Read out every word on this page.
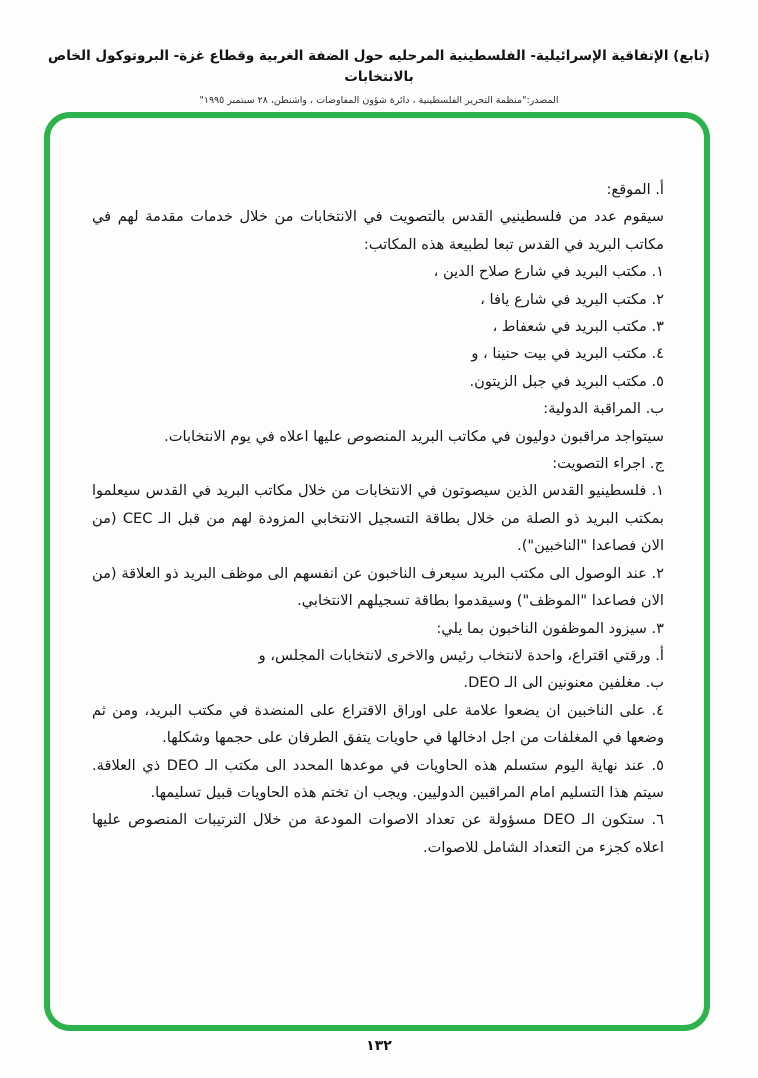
(تابع) الإتفاقية الإسرائيلية- الفلسطينية المرحليه حول الضفة الغربية وقطاع غزة- البروتوكول الخاص بالانتخابات
المصدر:"منظمة التحرير الفلسطينية ، دائرة شؤون المفاوضات ، واشنطن، ٢٨ سبتمبر ١٩٩٥"

أ. الموقع:

سيقوم عدد من فلسطينيي القدس بالتصويت في الانتخابات من خلال خدمات مقدمة لهم في مكاتب البريد في القدس تبعا لطبيعة هذه المكاتب:

١. مكتب البريد في شارع صلاح الدين ،

٢. مكتب البريد في شارع يافا ،

٣. مكتب البريد في شعفاط ،

٤. مكتب البريد في بيت حنينا ، و

٥. مكتب البريد في جبل الزيتون.

ب. المراقبة الدولية:

سيتواجد مراقبون دوليون في مكاتب البريد المنصوص عليها اعلاه في يوم الانتخابات.

ج. اجراء التصويت:

١. فلسطينيو القدس الذين سيصوتون في الانتخابات من خلال مكاتب البريد في القدس سيعلموا بمكتب البريد ذو الصلة من خلال بطاقة التسجيل الانتخابي المزودة لهم من قبل الـ CEC (من الان فصاعدا "الناخبين").

٢. عند الوصول الى مكتب البريد سيعرف الناخبون عن انفسهم الى موظف البريد ذو العلاقة (من الان فصاعدا "الموظف") وسيقدموا بطاقة تسجيلهم الانتخابي.

٣. سيزود الموظفون الناخبون بما يلي:

أ. ورقتي اقتراع، واحدة لانتخاب رئيس والاخرى لانتخابات المجلس، و

ب. مغلفين معنونين الى الـ DEO.

٤. على الناخبين ان يضعوا علامة على اوراق الاقتراع على المنضدة في مكتب البريد، ومن ثم وضعها في المغلفات من اجل ادخالها في حاويات يتفق الطرفان على حجمها وشكلها.

٥. عند نهاية اليوم ستسلم هذه الحاويات في موعدها المحدد الى مكتب الـ DEO ذي العلاقة. سيتم هذا التسليم امام المراقبين الدوليين. ويجب ان تختم هذه الحاويات قبيل تسليمها.

٦. ستكون الـ DEO مسؤولة عن تعداد الاصوات المودعة من خلال الترتيبات المنصوص عليها اعلاه كجزء من التعداد الشامل للاصوات.

١٣٢
